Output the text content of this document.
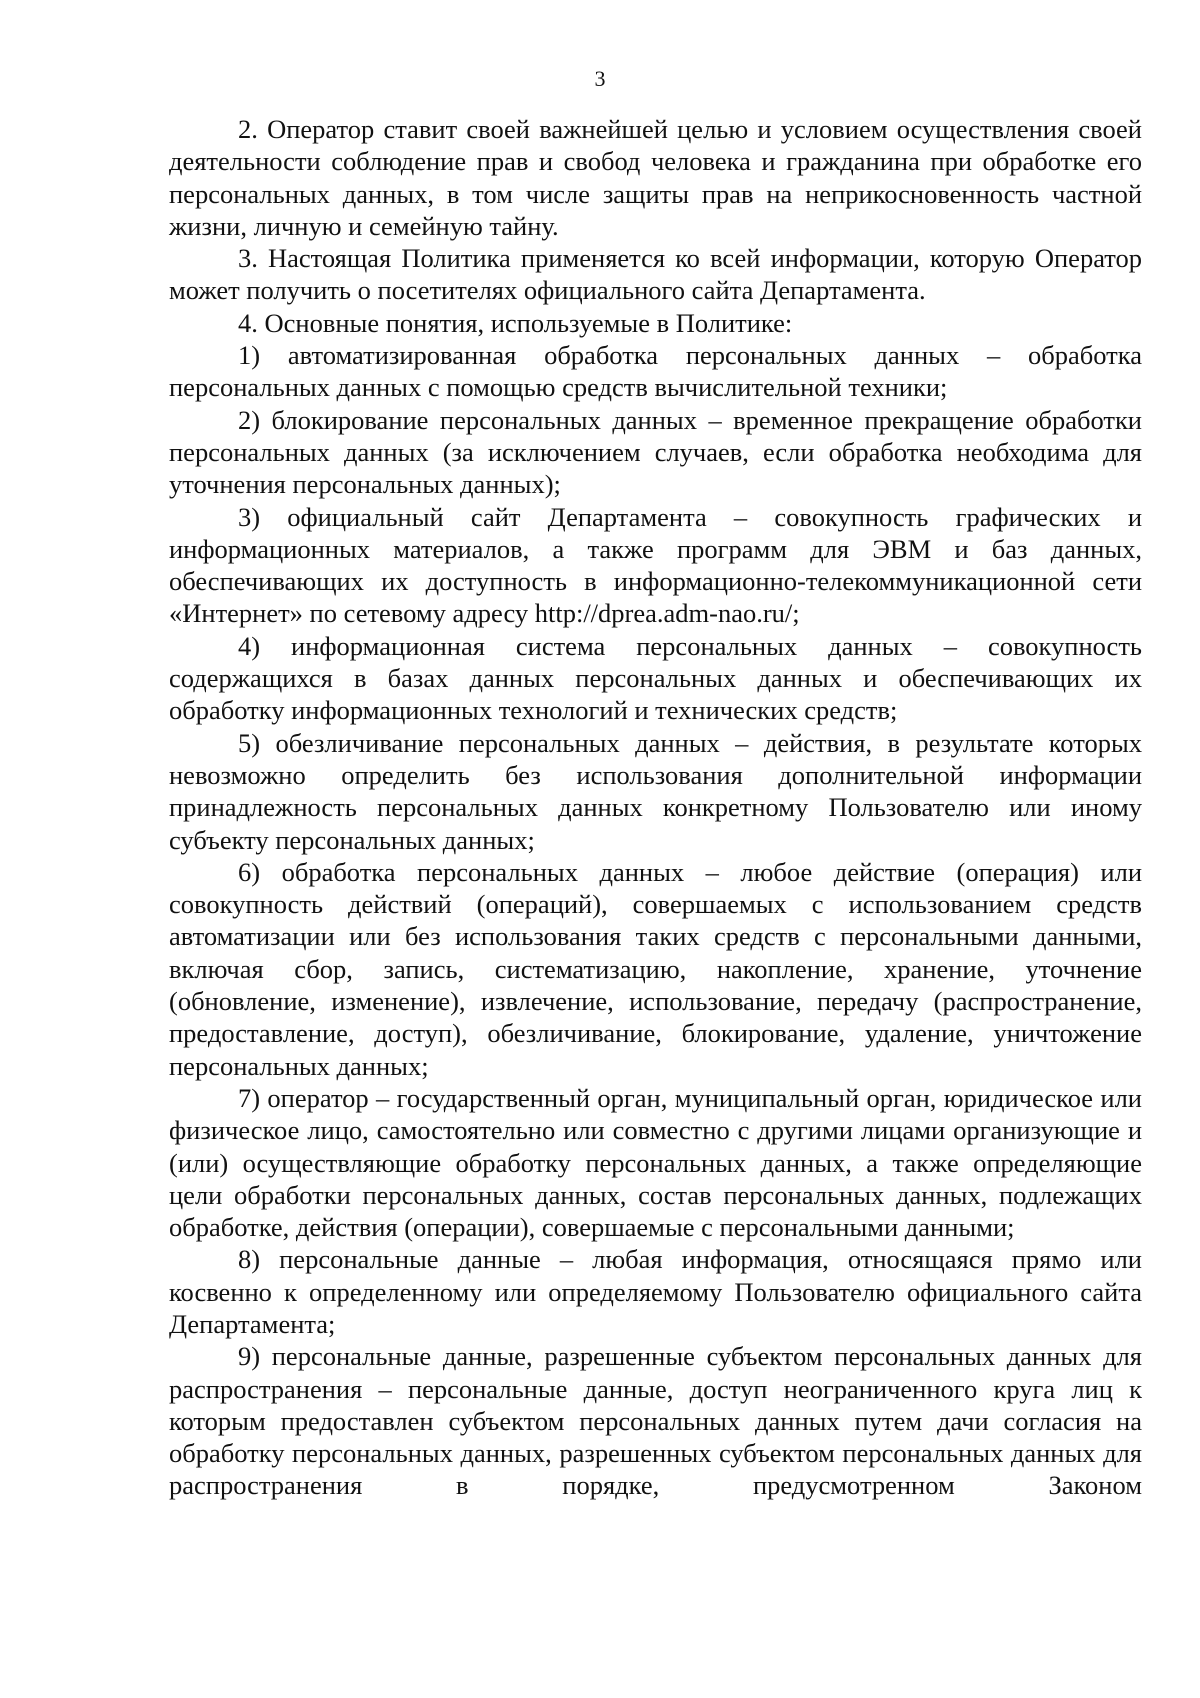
3

2. Оператор ставит своей важнейшей целью и условием осуществления своей деятельности соблюдение прав и свобод человека и гражданина при обработке его персональных данных, в том числе защиты прав на неприкосновенность частной жизни, личную и семейную тайну.

3. Настоящая Политика применяется ко всей информации, которую Оператор может получить о посетителях официального сайта Департамента.

4. Основные понятия, используемые в Политике:

1) автоматизированная обработка персональных данных – обработка персональных данных с помощью средств вычислительной техники;

2) блокирование персональных данных – временное прекращение обработки персональных данных (за исключением случаев, если обработка необходима для уточнения персональных данных);

3) официальный сайт Департамента – совокупность графических и информационных материалов, а также программ для ЭВМ и баз данных, обеспечивающих их доступность в информационно-телекоммуникационной сети «Интернет» по сетевому адресу http://dprea.adm-nao.ru/;

4) информационная система персональных данных – совокупность содержащихся в базах данных персональных данных и обеспечивающих их обработку информационных технологий и технических средств;

5) обезличивание персональных данных – действия, в результате которых невозможно определить без использования дополнительной информации принадлежность персональных данных конкретному Пользователю или иному субъекту персональных данных;

6) обработка персональных данных – любое действие (операция) или совокупность действий (операций), совершаемых с использованием средств автоматизации или без использования таких средств с персональными данными, включая сбор, запись, систематизацию, накопление, хранение, уточнение (обновление, изменение), извлечение, использование, передачу (распространение, предоставление, доступ), обезличивание, блокирование, удаление, уничтожение персональных данных;

7) оператор – государственный орган, муниципальный орган, юридическое или физическое лицо, самостоятельно или совместно с другими лицами организующие и (или) осуществляющие обработку персональных данных, а также определяющие цели обработки персональных данных, состав персональных данных, подлежащих обработке, действия (операции), совершаемые с персональными данными;

8) персональные данные – любая информация, относящаяся прямо или косвенно к определенному или определяемому Пользователю официального сайта Департамента;

9) персональные данные, разрешенные субъектом персональных данных для распространения – персональные данные, доступ неограниченного круга лиц к которым предоставлен субъектом персональных данных путем дачи согласия на обработку персональных данных, разрешенных субъектом персональных данных для распространения в порядке, предусмотренном Законом
